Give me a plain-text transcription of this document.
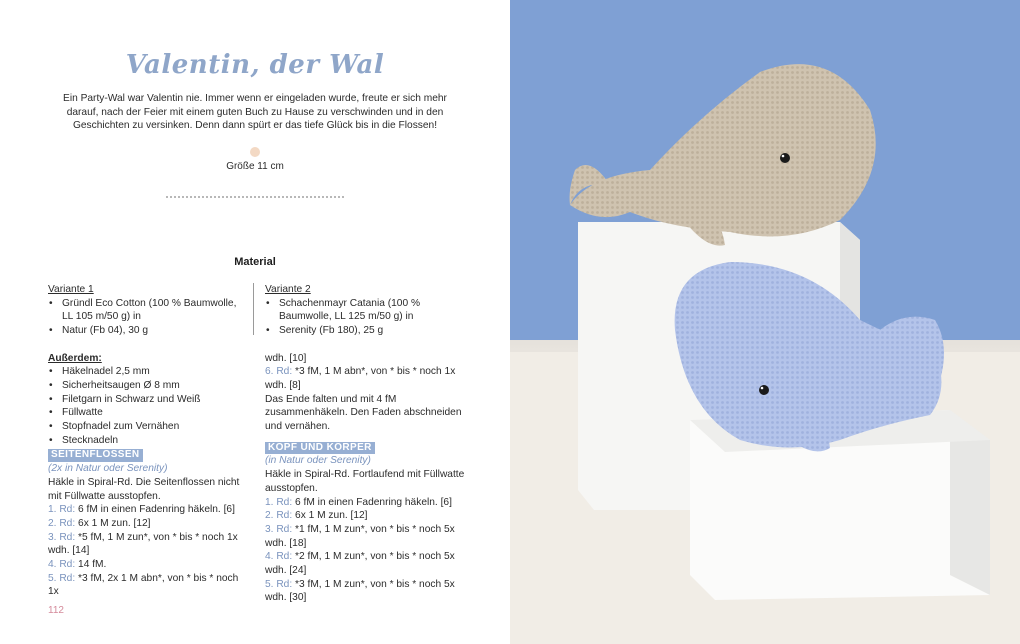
Valentin, der Wal
Ein Party-Wal war Valentin nie. Immer wenn er eingeladen wurde, freute er sich mehr darauf, nach der Feier mit einem guten Buch zu Hause zu verschwinden und in den Geschichten zu versinken. Denn dann spürt er das tiefe Glück bis in die Flossen!
Größe 11 cm
Material
Variante 1
• Gründl Eco Cotton (100 % Baumwolle, LL 105 m/50 g) in
• Natur (Fb 04), 30 g
Außerdem:
• Häkelnadel 2,5 mm
• Sicherheitsaugen Ø 8 mm
• Filetgarn in Schwarz und Weiß
• Füllwatte
• Stopfnadel zum Vernähen
• Stecknadeln
SEITENFLOSSEN
(2x in Natur oder Serenity)
Häkle in Spiral-Rd. Die Seitenflossen nicht mit Füllwatte ausstopfen.
1. Rd: 6 fM in einen Fadenring häkeln. [6]
2. Rd: 6x 1 M zun. [12]
3. Rd: *5 fM, 1 M zun*, von * bis * noch 1x wdh. [14]
4. Rd: 14 fM.
5. Rd: *3 fM, 2x 1 M abn*, von * bis * noch 1x
Variante 2
• Schachenmayr Catania (100 % Baumwolle, LL 125 m/50 g) in
• Serenity (Fb 180), 25 g
wdh. [10]
6. Rd: *3 fM, 1 M abn*, von * bis * noch 1x wdh. [8]
Das Ende falten und mit 4 fM zusammenhäkeln. Den Faden abschneiden und vernähen.
KOPF UND KÖRPER
(in Natur oder Serenity)
Häkle in Spiral-Rd. Fortlaufend mit Füllwatte ausstopfen.
1. Rd: 6 fM in einen Fadenring häkeln. [6]
2. Rd: 6x 1 M zun. [12]
3. Rd: *1 fM, 1 M zun*, von * bis * noch 5x wdh. [18]
4. Rd: *2 fM, 1 M zun*, von * bis * noch 5x wdh. [24]
5. Rd: *3 fM, 1 M zun*, von * bis * noch 5x wdh. [30]
112
